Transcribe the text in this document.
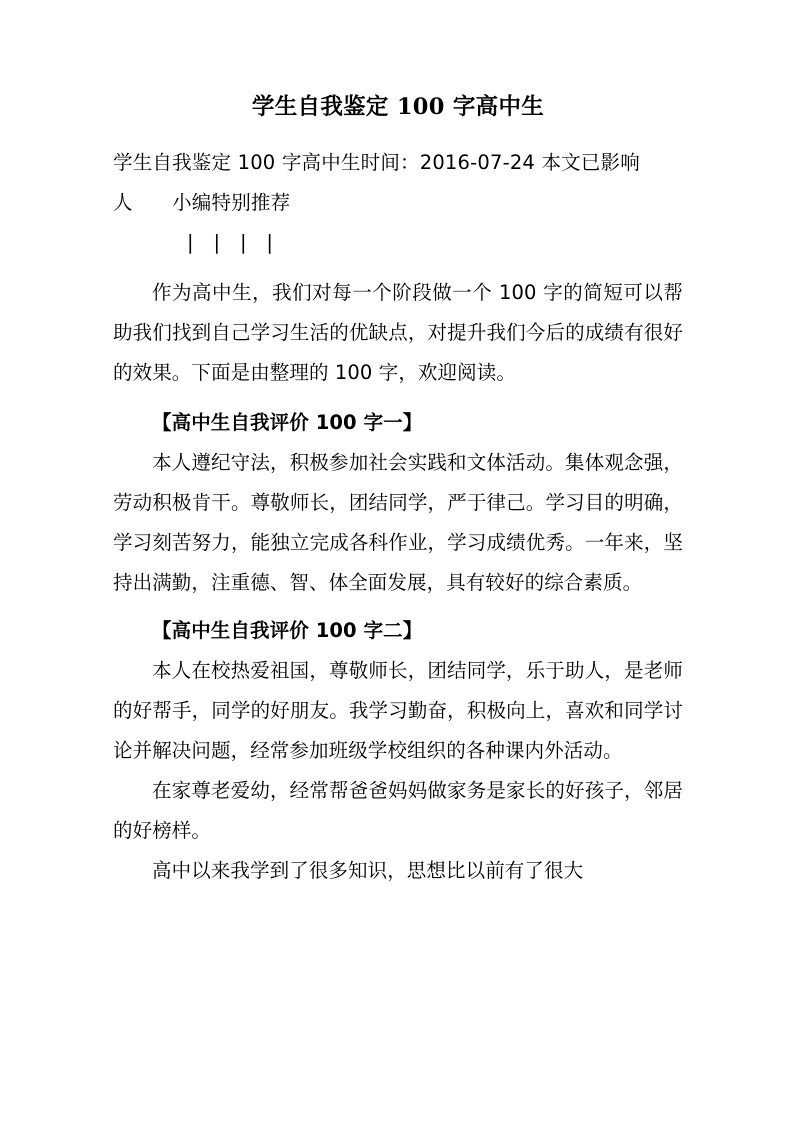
学生自我鉴定 100 字高中生

学生自我鉴定 100 字高中生时间：2016-07-24 本文已影响

人　　小编特别推荐

|　|　|　|

作为高中生，我们对每一个阶段做一个 100 字的简短可以帮助我们找到自己学习生活的优缺点，对提升我们今后的成绩有很好的效果。下面是由整理的 100 字，欢迎阅读。

【高中生自我评价 100 字一】

本人遵纪守法，积极参加社会实践和文体活动。集体观念强，劳动积极肯干。尊敬师长，团结同学，严于律己。学习目的明确，学习刻苦努力，能独立完成各科作业，学习成绩优秀。一年来，坚持出满勤，注重德、智、体全面发展，具有较好的综合素质。

【高中生自我评价 100 字二】

本人在校热爱祖国，尊敬师长，团结同学，乐于助人，是老师的好帮手，同学的好朋友。我学习勤奋，积极向上，喜欢和同学讨论并解决问题，经常参加班级学校组织的各种课内外活动。

在家尊老爱幼，经常帮爸爸妈妈做家务是家长的好孩子，邻居的好榜样。

高中以来我学到了很多知识，思想比以前有了很大
